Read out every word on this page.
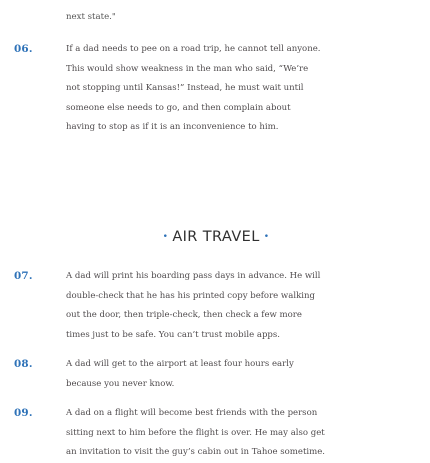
next state."
06.	If a dad needs to pee on a road trip, he cannot tell anyone.
This would show weakness in the man who said, “We’re
not stopping until Kansas!” Instead, he must wait until
someone else needs to go, and then complain about
having to stop as if it is an inconvenience to him.
• AIR TRAVEL •
07.	A dad will print his boarding pass days in advance. He will
double-check that he has his printed copy before walking
out the door, then triple-check, then check a few more
times just to be safe. You can’t trust mobile apps.
08.	A dad will get to the airport at least four hours early
because you never know.
09.	A dad on a flight will become best friends with the person
sitting next to him before the flight is over. He may also get
an invitation to visit the guy’s cabin out in Tahoe sometime.
